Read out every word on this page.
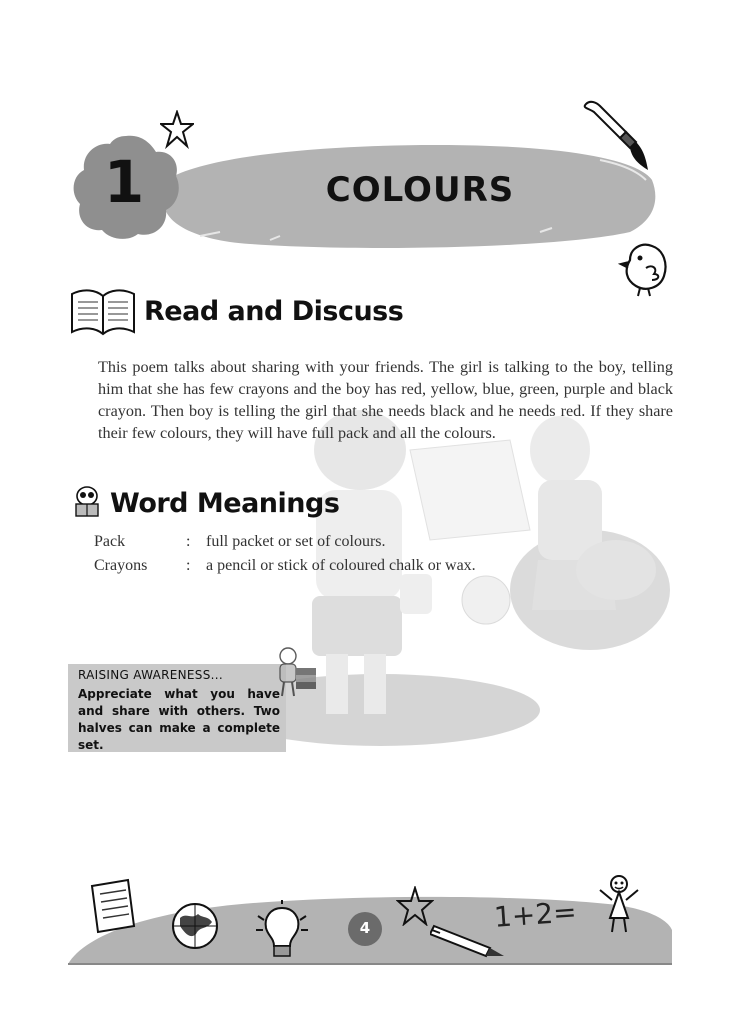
1	COLOURS
Read and Discuss
This poem talks about sharing with your friends. The girl is talking to the boy, telling him that she has few crayons and the boy has red, yellow, blue, green, purple and black crayon. Then boy is telling the girl that she needs black and he needs red. If they share their few colours, they will have full pack and all the colours.
Word Meanings
Pack	: full packet or set of colours.
Crayons	: a pencil or stick of coloured chalk or wax.
RAISING AWARENESS...
Appreciate what you have and share with others. Two halves can make a complete set.
4	1+2=
